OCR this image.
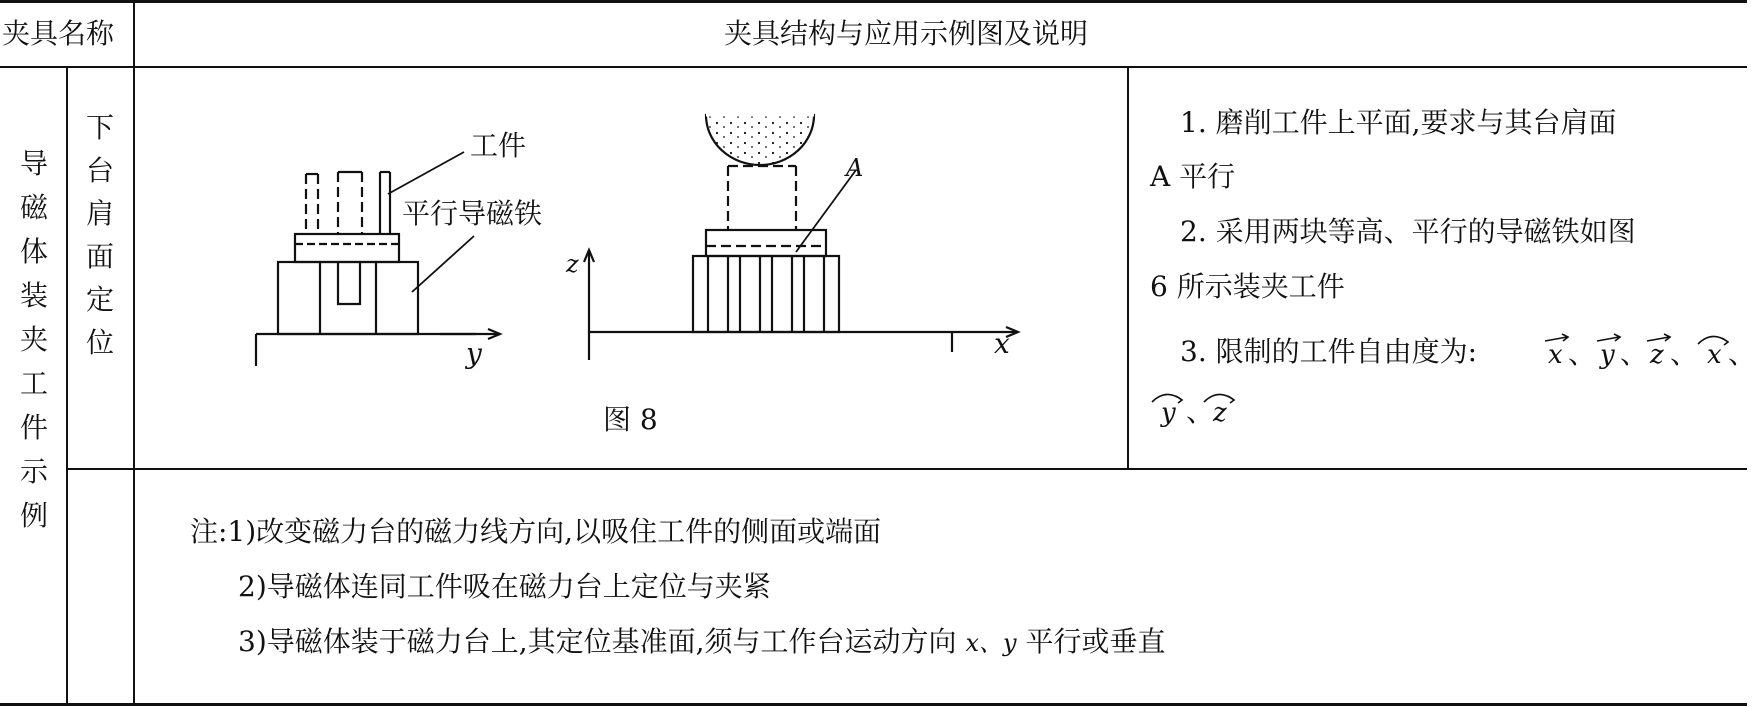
夹具名称	夹具结构与应用示例图及说明
导
磁
体
装
夹
工
件
示
例
下
台
肩
面
定
位
工件
平行导磁铁
A
y
z
x
图 8
1. 磨削工件上平面,要求与其台肩面
A 平行
2. 采用两块等高、平行的导磁铁如图
6 所示装夹工件
3. 限制的工件自由度为:	x 、 y 、 z 、 x 、
y 、
z
注:1)改变磁力台的磁力线方向,以吸住工件的侧面或端面
2)导磁体连同工件吸在磁力台上定位与夹紧
3)导磁体装于磁力台上,其定位基准面,须与工作台运动方向 x、y 平行或垂直
